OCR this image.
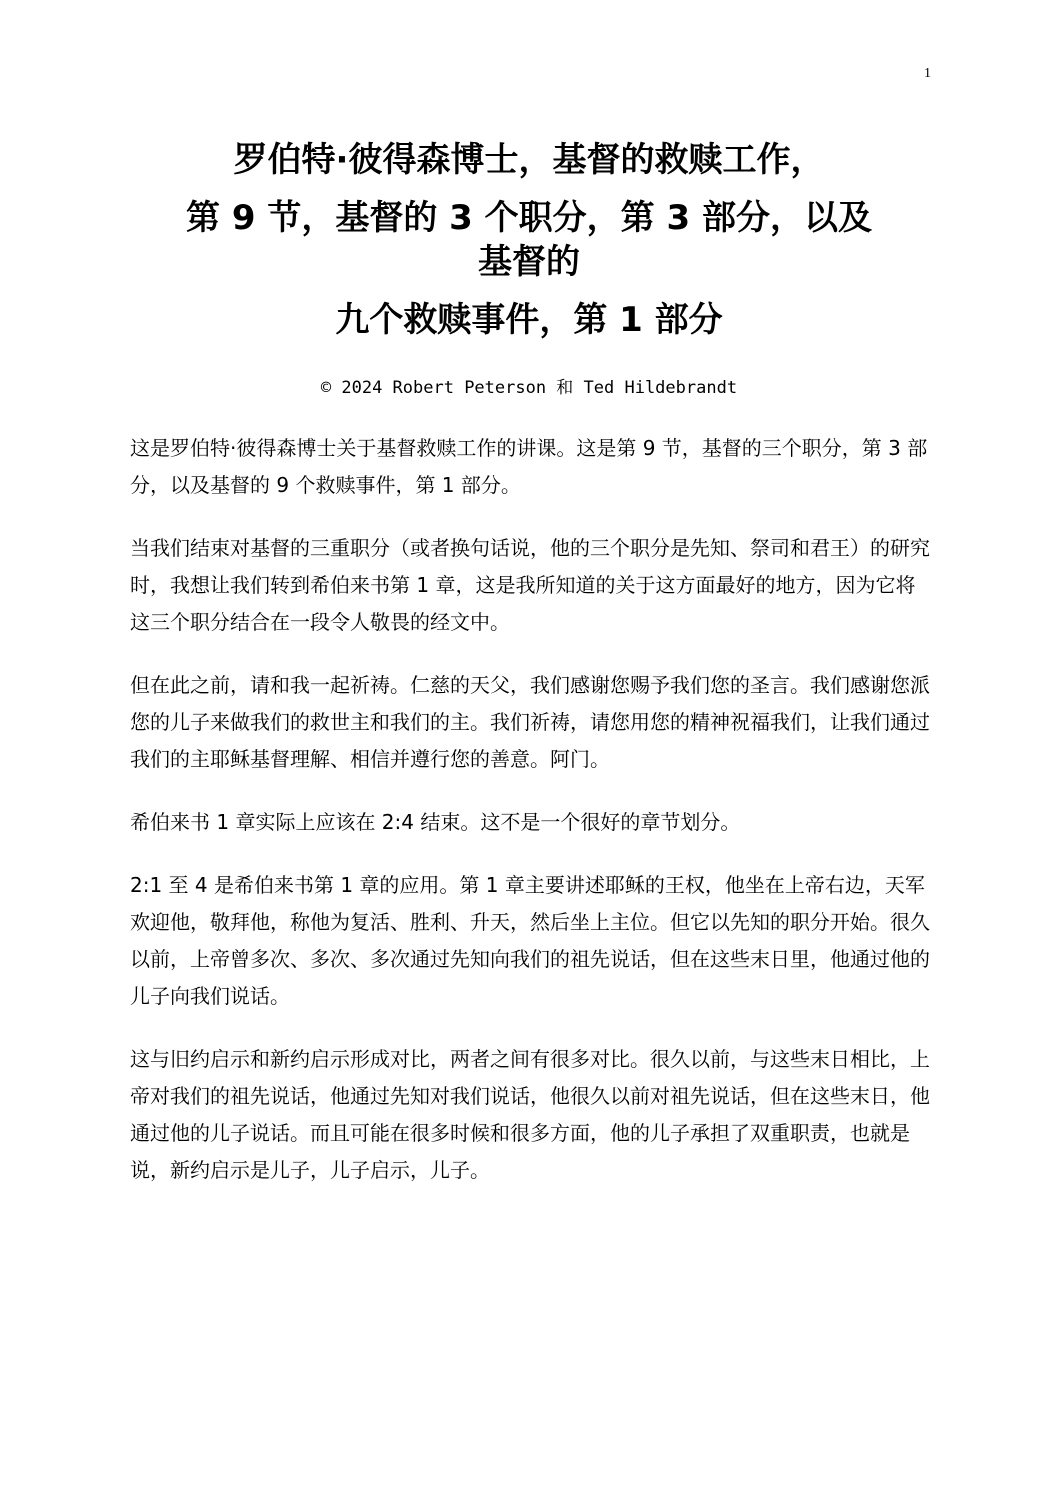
1
罗伯特·彼得森博士，基督的救赎工作，
第 9 节，基督的 3 个职分，第 3 部分，以及
基督的
九个救赎事件，第 1 部分
© 2024 Robert Peterson 和 Ted Hildebrandt

这是罗伯特·彼得森博士关于基督救赎工作的讲课。这是第 9 节，基督的三个职分，第 3 部分，以及基督的 9 个救赎事件，第 1 部分。

当我们结束对基督的三重职分（或者换句话说，他的三个职分是先知、祭司和君王）的研究时，我想让我们转到希伯来书第 1 章，这是我所知道的关于这方面最好的地方，因为它将这三个职分结合在一段令人敬畏的经文中。

但在此之前，请和我一起祈祷。仁慈的天父，我们感谢您赐予我们您的圣言。我们感谢您派您的儿子来做我们的救世主和我们的主。我们祈祷，请您用您的精神祝福我们，让我们通过我们的主耶稣基督理解、相信并遵行您的善意。阿门。

希伯来书 1 章实际上应该在 2:4 结束。这不是一个很好的章节划分。

2:1 至 4 是希伯来书第 1 章的应用。第 1 章主要讲述耶稣的王权，他坐在上帝右边，天军欢迎他，敬拜他，称他为复活、胜利、升天，然后坐上主位。但它以先知的职分开始。很久以前，上帝曾多次、多次、多次通过先知向我们的祖先说话，但在这些末日里，他通过他的儿子向我们说话。

这与旧约启示和新约启示形成对比，两者之间有很多对比。很久以前，与这些末日相比，上帝对我们的祖先说话，他通过先知对我们说话，他很久以前对祖先说话，但在这些末日，他通过他的儿子说话。而且可能在很多时候和很多方面，他的儿子承担了双重职责，也就是说，新约启示是儿子，儿子启示，儿子。
